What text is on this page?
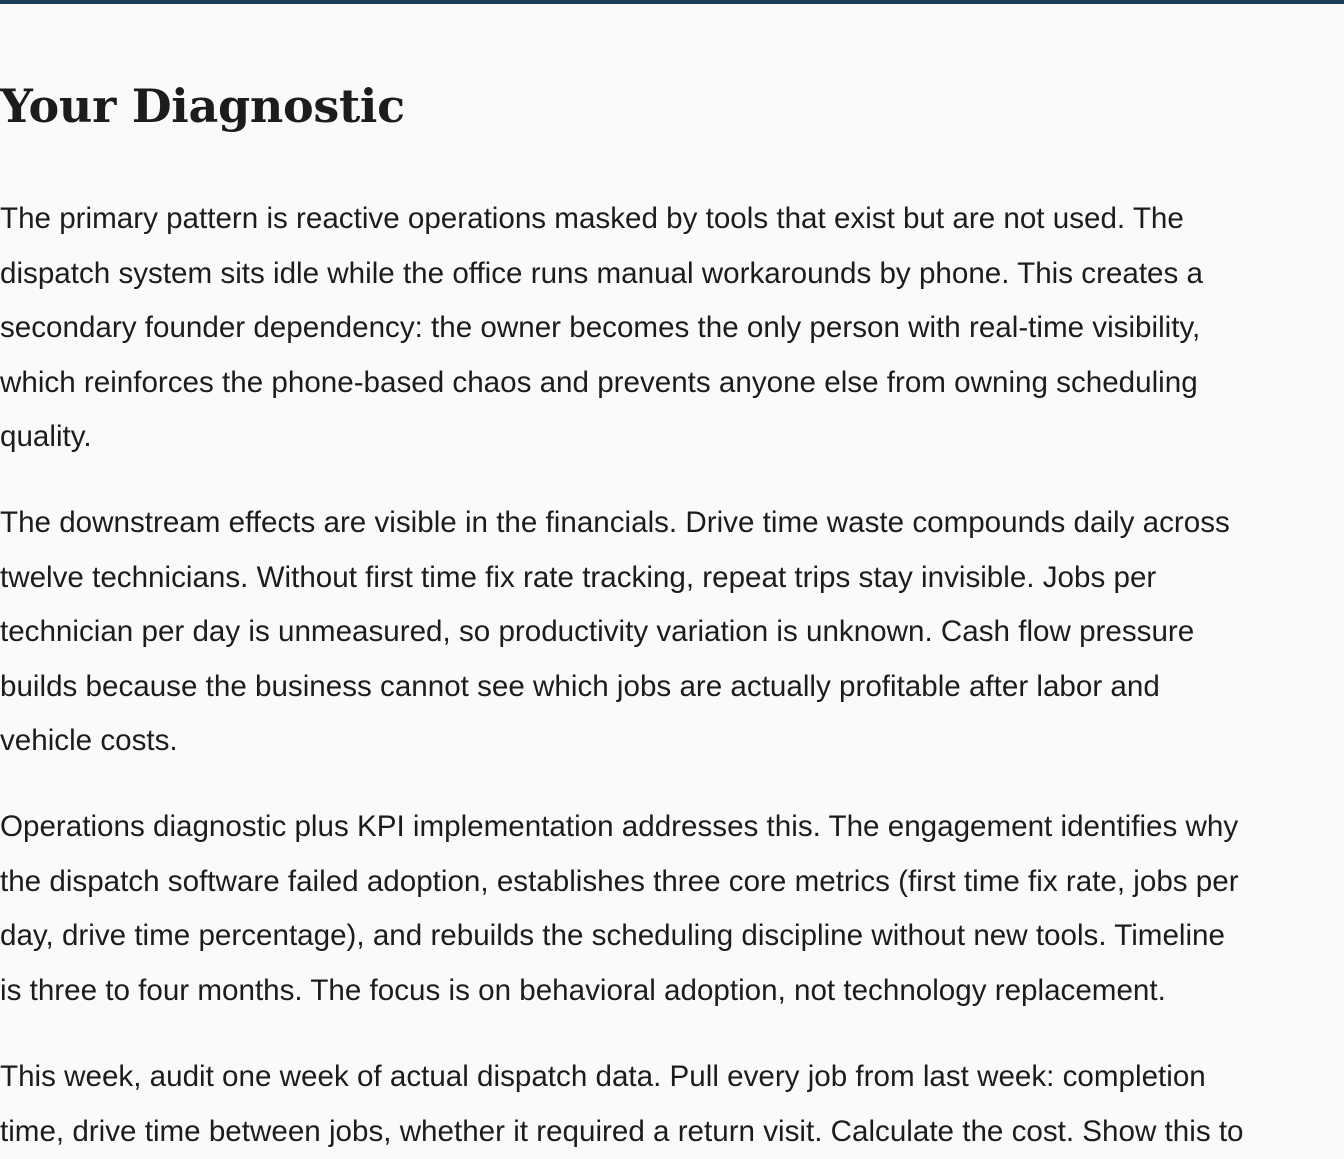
Your Diagnostic

The primary pattern is reactive operations masked by tools that exist but are not used. The
dispatch system sits idle while the office runs manual workarounds by phone. This creates a
secondary founder dependency: the owner becomes the only person with real-time visibility,
which reinforces the phone-based chaos and prevents anyone else from owning scheduling
quality.

The downstream effects are visible in the financials. Drive time waste compounds daily across
twelve technicians. Without first time fix rate tracking, repeat trips stay invisible. Jobs per
technician per day is unmeasured, so productivity variation is unknown. Cash flow pressure
builds because the business cannot see which jobs are actually profitable after labor and
vehicle costs.

Operations diagnostic plus KPI implementation addresses this. The engagement identifies why
the dispatch software failed adoption, establishes three core metrics (first time fix rate, jobs per
day, drive time percentage), and rebuilds the scheduling discipline without new tools. Timeline
is three to four months. The focus is on behavioral adoption, not technology replacement.

This week, audit one week of actual dispatch data. Pull every job from last week: completion
time, drive time between jobs, whether it required a return visit. Calculate the cost. Show this to
